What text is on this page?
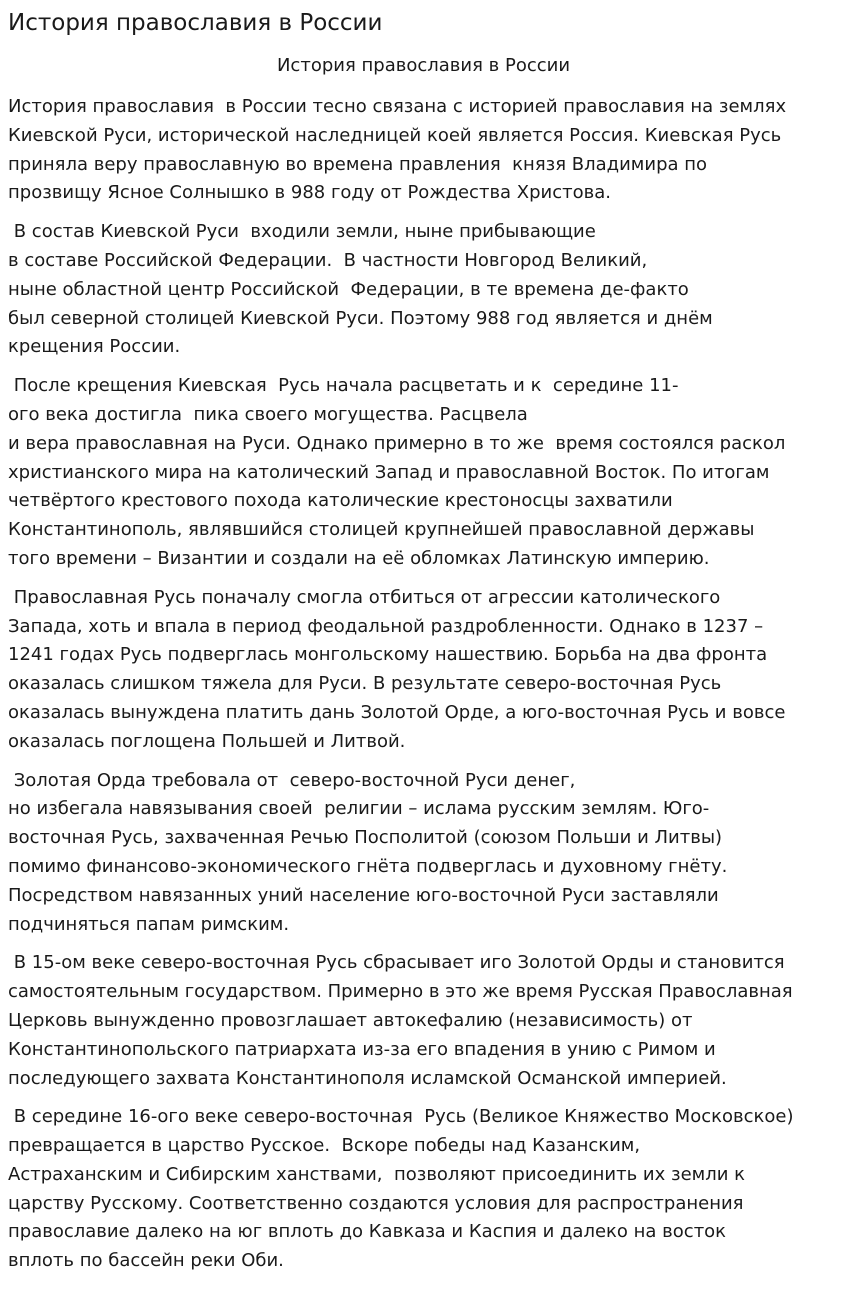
История православия в России
История православия в России

История православия  в России тесно связана с историей православия на землях
Киевской Руси, исторической наследницей коей является Россия. Киевская Русь
приняла веру православную во времена правления  князя Владимира по
прозвищу Ясное Солнышко в 988 году от Рождества Христова.

В состав Киевской Руси  входили земли, ныне прибывающие
в составе Российской Федерации.  В частности Новгород Великий,
ныне областной центр Российской  Федерации, в те времена де-факто
был северной столицей Киевской Руси. Поэтому 988 год является и днём
крещения России.

После крещения Киевская  Русь начала расцветать и к  середине 11-
ого века достигла  пика своего могущества. Расцвела
и вера православная на Руси. Однако примерно в то же  время состоялся раскол
христианского мира на католический Запад и православной Восток. По итогам
четвёртого крестового похода католические крестоносцы захватили
Константинополь, являвшийся столицей крупнейшей православной державы
того времени – Византии и создали на её обломках Латинскую империю.

Православная Русь поначалу смогла отбиться от агрессии католического
Запада, хоть и впала в период феодальной раздробленности. Однако в 1237 –
1241 годах Русь подверглась монгольскому нашествию. Борьба на два фронта
оказалась слишком тяжела для Руси. В результате северо-восточная Русь
оказалась вынуждена платить дань Золотой Орде, а юго-восточная Русь и вовсе
оказалась поглощена Польшей и Литвой.

Золотая Орда требовала от  северо-восточной Руси денег,
но избегала навязывания своей  религии – ислама русским землям. Юго-
восточная Русь, захваченная Речью Посполитой (союзом Польши и Литвы)
помимо финансово-экономического гнёта подверглась и духовному гнёту.
Посредством навязанных уний население юго-восточной Руси заставляли
подчиняться папам римским.

В 15-ом веке северо-восточная Русь сбрасывает иго Золотой Орды и становится
самостоятельным государством. Примерно в это же время Русская Православная
Церковь вынужденно провозглашает автокефалию (независимость) от
Константинопольского патриархата из-за его впадения в унию с Римом и
последующего захвата Константинополя исламской Османской империей.

В середине 16-ого веке северо-восточная  Русь (Великое Княжество Московское)
превращается в царство Русское.  Вскоре победы над Казанским,
Астраханским и Сибирским ханствами,  позволяют присоединить их земли к
царству Русскому. Соответственно создаются условия для распространения
православие далеко на юг вплоть до Кавказа и Каспия и далеко на восток
вплоть по бассейн реки Оби.
